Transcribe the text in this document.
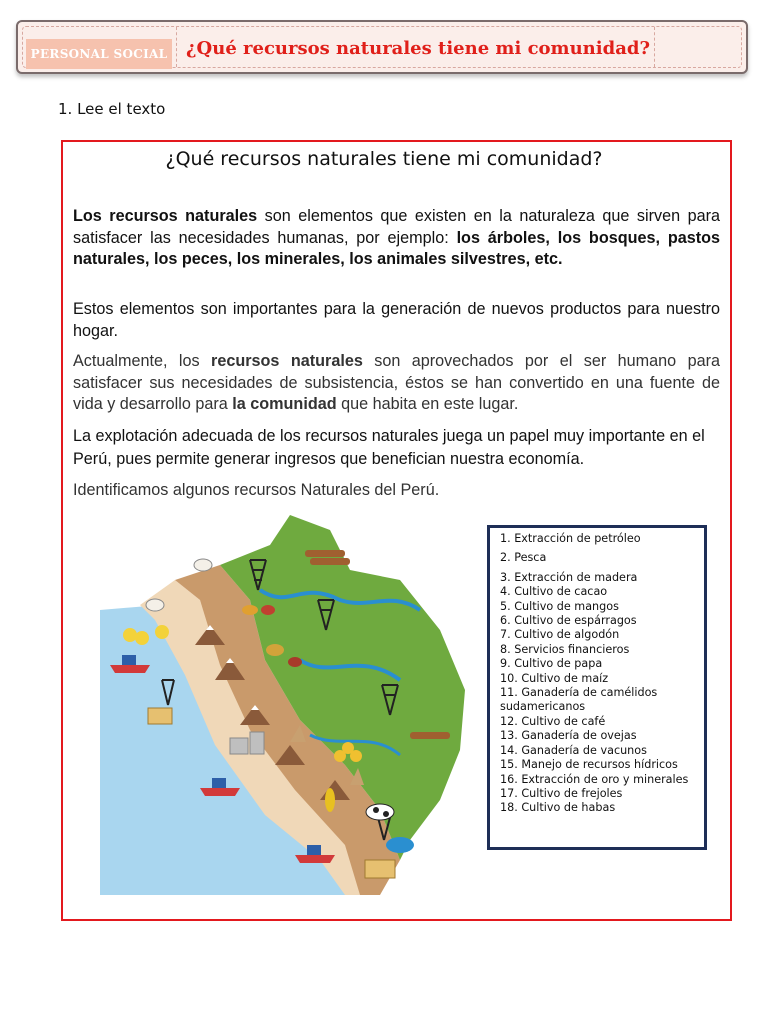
PERSONAL SOCIAL ¿Qué recursos naturales tiene mi comunidad?
1. Lee el texto
¿Qué recursos naturales tiene mi comunidad?

Los recursos naturales son elementos que existen en la naturaleza que sirven para satisfacer las necesidades humanas, por ejemplo: los árboles, los bosques, pastos naturales, los peces, los minerales, los animales silvestres, etc.

Estos elementos son importantes para la generación de nuevos productos para nuestro hogar.

Actualmente, los recursos naturales son aprovechados por el ser humano para satisfacer sus necesidades de subsistencia, éstos se han convertido en una fuente de vida y desarrollo para la comunidad que habita en este lugar.

La explotación adecuada de los recursos naturales juega un papel muy importante en el Perú, pues permite generar ingresos que benefician nuestra economía.

Identificamos algunos recursos Naturales del Perú.

1. Extracción de petróleo

2. Pesca

3. Extracción de madera

4. Cultivo de cacao

5. Cultivo de mangos

6. Cultivo de espárragos

7. Cultivo de algodón

8. Servicios financieros

9. Cultivo de papa

10. Cultivo de maíz

11. Ganadería de camélidos sudamericanos

12. Cultivo de café

13. Ganadería de ovejas

14. Ganadería de vacunos

15. Manejo de recursos hídricos

16. Extracción de oro y minerales

17. Cultivo de frejoles

18. Cultivo de habas
